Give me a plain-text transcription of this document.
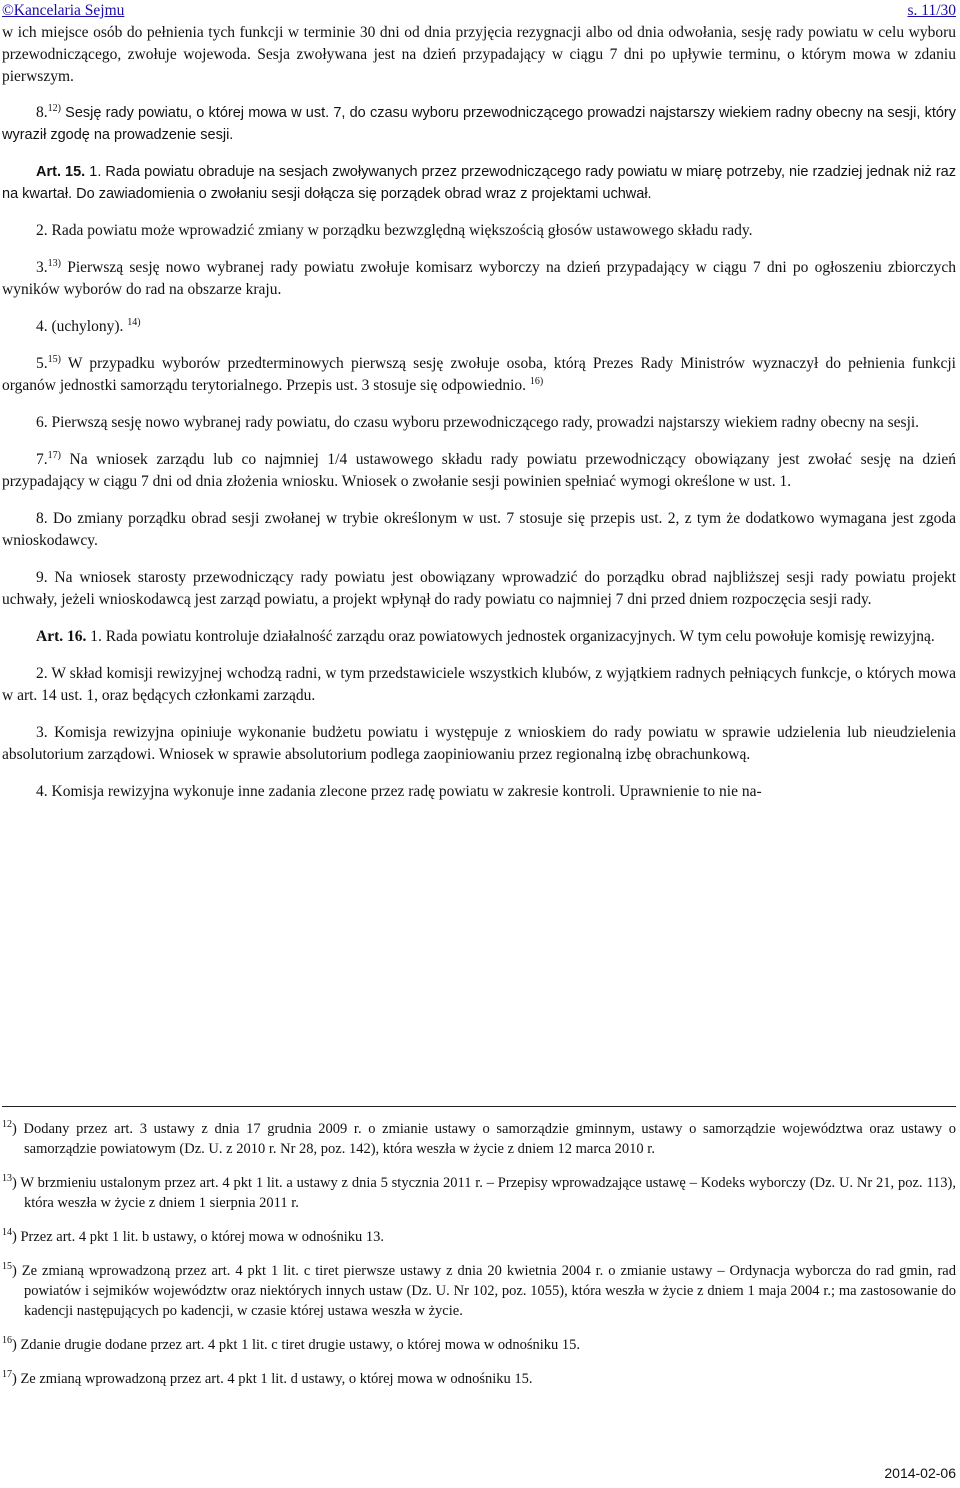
©Kancelaria Sejmu	s. 11/30

w ich miejsce osób do pełnienia tych funkcji w terminie 30 dni od dnia przyjęcia rezygnacji albo od dnia odwołania, sesję rady powiatu w celu wyboru przewodniczącego, zwołuje wojewoda. Sesja zwoływana jest na dzień przypadający w ciągu 7 dni po upływie terminu, o którym mowa w zdaniu pierwszym.

8.$^{12)}$ Sesję rady powiatu, o której mowa w ust. 7, do czasu wyboru przewodniczącego prowadzi najstarszy wiekiem radny obecny na sesji, który wyraził zgodę na prowadzenie sesji.

Art. 15. 1. Rada powiatu obraduje na sesjach zwoływanych przez przewodniczącego rady powiatu w miarę potrzeby, nie rzadziej jednak niż raz na kwartał. Do zawiadomienia o zwołaniu sesji dołącza się porządek obrad wraz z projektami uchwał.

2. Rada powiatu może wprowadzić zmiany w porządku bezwzględną większością głosów ustawowego składu rady.

3.$^{13)}$ Pierwszą sesję nowo wybranej rady powiatu zwołuje komisarz wyborczy na dzień przypadający w ciągu 7 dni po ogłoszeniu zbiorczych wyników wyborów do rad na obszarze kraju.

4. (uchylony). $^{14)}$

5.$^{15)}$ W przypadku wyborów przedterminowych pierwszą sesję zwołuje osoba, którą Prezes Rady Ministrów wyznaczył do pełnienia funkcji organów jednostki samorządu terytorialnego. Przepis ust. 3 stosuje się odpowiednio. $^{16)}$

6. Pierwszą sesję nowo wybranej rady powiatu, do czasu wyboru przewodniczącego rady, prowadzi najstarszy wiekiem radny obecny na sesji.

7.$^{17)}$ Na wniosek zarządu lub co najmniej 1/4 ustawowego składu rady powiatu przewodniczący obowiązany jest zwołać sesję na dzień przypadający w ciągu 7 dni od dnia złożenia wniosku. Wniosek o zwołanie sesji powinien spełniać wymogi określone w ust. 1.

8. Do zmiany porządku obrad sesji zwołanej w trybie określonym w ust. 7 stosuje się przepis ust. 2, z tym że dodatkowo wymagana jest zgoda wnioskodawcy.

9. Na wniosek starosty przewodniczący rady powiatu jest obowiązany wprowadzić do porządku obrad najbliższej sesji rady powiatu projekt uchwały, jeżeli wnioskodawcą jest zarząd powiatu, a projekt wpłynął do rady powiatu co najmniej 7 dni przed dniem rozpoczęcia sesji rady.

Art. 16. 1. Rada powiatu kontroluje działalność zarządu oraz powiatowych jednostek organizacyjnych. W tym celu powołuje komisję rewizyjną.

2. W skład komisji rewizyjnej wchodzą radni, w tym przedstawiciele wszystkich klubów, z wyjątkiem radnych pełniących funkcje, o których mowa w art. 14 ust. 1, oraz będących członkami zarządu.

3. Komisja rewizyjna opiniuje wykonanie budżetu powiatu i występuje z wnioskiem do rady powiatu w sprawie udzielenia lub nieudzielenia absolutorium zarządowi. Wniosek w sprawie absolutorium podlega zaopiniowaniu przez regionalną izbę obrachunkową.

4. Komisja rewizyjna wykonuje inne zadania zlecone przez radę powiatu w zakresie kontroli. Uprawnienie to nie na-

$^{12}$) Dodany przez art. 3 ustawy z dnia 17 grudnia 2009 r. o zmianie ustawy o samorządzie gminnym, ustawy o samorządzie województwa oraz ustawy o samorządzie powiatowym (Dz. U. z 2010 r. Nr 28, poz. 142), która weszła w życie z dniem 12 marca 2010 r.

$^{13}$) W brzmieniu ustalonym przez art. 4 pkt 1 lit. a ustawy z dnia 5 stycznia 2011 r. – Przepisy wprowadzające ustawę – Kodeks wyborczy (Dz. U. Nr 21, poz. 113), która weszła w życie z dniem 1 sierpnia 2011 r.

$^{14}$) Przez art. 4 pkt 1 lit. b ustawy, o której mowa w odnośniku 13.

$^{15}$) Ze zmianą wprowadzoną przez art. 4 pkt 1 lit. c tiret pierwsze ustawy z dnia 20 kwietnia 2004 r. o zmianie ustawy – Ordynacja wyborcza do rad gmin, rad powiatów i sejmików województw oraz niektórych innych ustaw (Dz. U. Nr 102, poz. 1055), która weszła w życie z dniem 1 maja 2004 r.; ma zastosowanie do kadencji następujących po kadencji, w czasie której ustawa weszła w życie.

$^{16}$) Zdanie drugie dodane przez art. 4 pkt 1 lit. c tiret drugie ustawy, o której mowa w odnośniku 15.

$^{17}$) Ze zmianą wprowadzoną przez art. 4 pkt 1 lit. d ustawy, o której mowa w odnośniku 15.

2014-02-06
